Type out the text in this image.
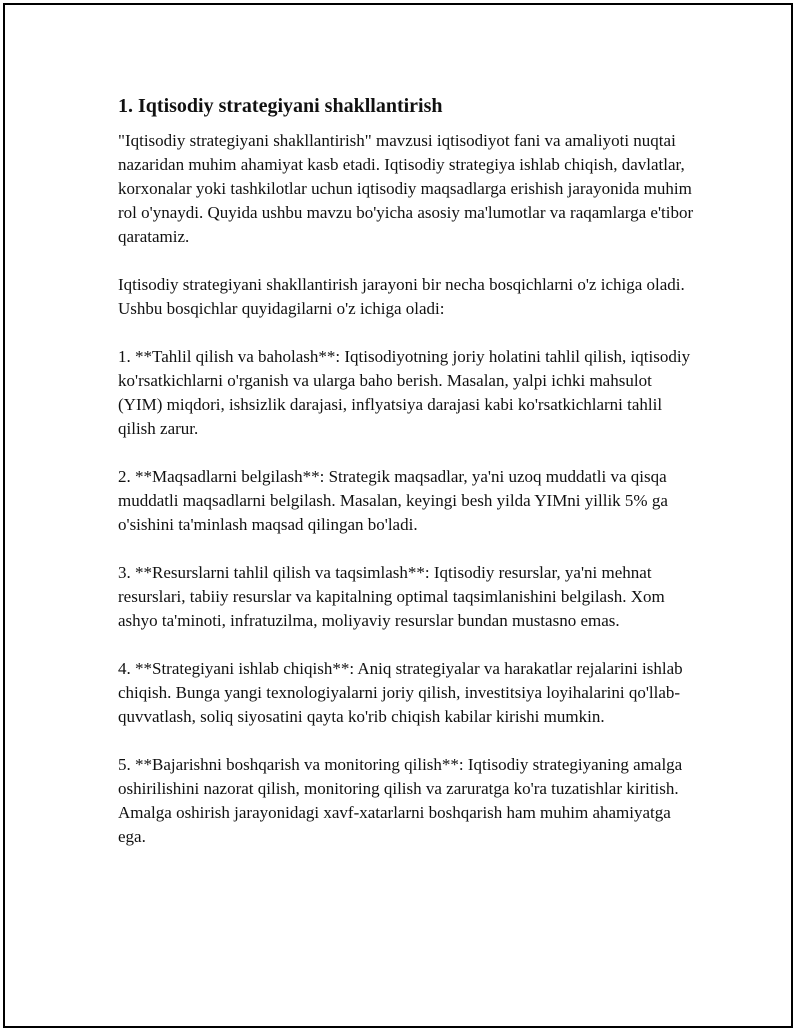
1. Iqtisodiy strategiyani shakllantirish

"Iqtisodiy strategiyani shakllantirish" mavzusi iqtisodiyot fani va amaliyoti nuqtai nazaridan muhim ahamiyat kasb etadi. Iqtisodiy strategiya ishlab chiqish, davlatlar, korxonalar yoki tashkilotlar uchun iqtisodiy maqsadlarga erishish jarayonida muhim rol o'ynaydi. Quyida ushbu mavzu bo'yicha asosiy ma'lumotlar va raqamlarga e'tibor qaratamiz.

Iqtisodiy strategiyani shakllantirish jarayoni bir necha bosqichlarni o'z ichiga oladi. Ushbu bosqichlar quyidagilarni o'z ichiga oladi:

1. **Tahlil qilish va baholash**: Iqtisodiyotning joriy holatini tahlil qilish, iqtisodiy ko'rsatkichlarni o'rganish va ularga baho berish. Masalan, yalpi ichki mahsulot (YIM) miqdori, ishsizlik darajasi, inflyatsiya darajasi kabi ko'rsatkichlarni tahlil qilish zarur.

2. **Maqsadlarni belgilash**: Strategik maqsadlar, ya'ni uzoq muddatli va qisqa muddatli maqsadlarni belgilash. Masalan, keyingi besh yilda YIMni yillik 5% ga o'sishini ta'minlash maqsad qilingan bo'ladi.

3. **Resurslarni tahlil qilish va taqsimlash**: Iqtisodiy resurslar, ya'ni mehnat resurslari, tabiiy resurslar va kapitalning optimal taqsimlanishini belgilash. Xom ashyo ta'minoti, infratuzilma, moliyaviy resurslar bundan mustasno emas.

4. **Strategiyani ishlab chiqish**: Aniq strategiyalar va harakatlar rejalarini ishlab chiqish. Bunga yangi texnologiyalarni joriy qilish, investitsiya loyihalarini qo'llab-quvvatlash, soliq siyosatini qayta ko'rib chiqish kabilar kirishi mumkin.

5. **Bajarishni boshqarish va monitoring qilish**: Iqtisodiy strategiyaning amalga oshirilishini nazorat qilish, monitoring qilish va zaruratga ko'ra tuzatishlar kiritish. Amalga oshirish jarayonidagi xavf-xatarlarni boshqarish ham muhim ahamiyatga ega.
